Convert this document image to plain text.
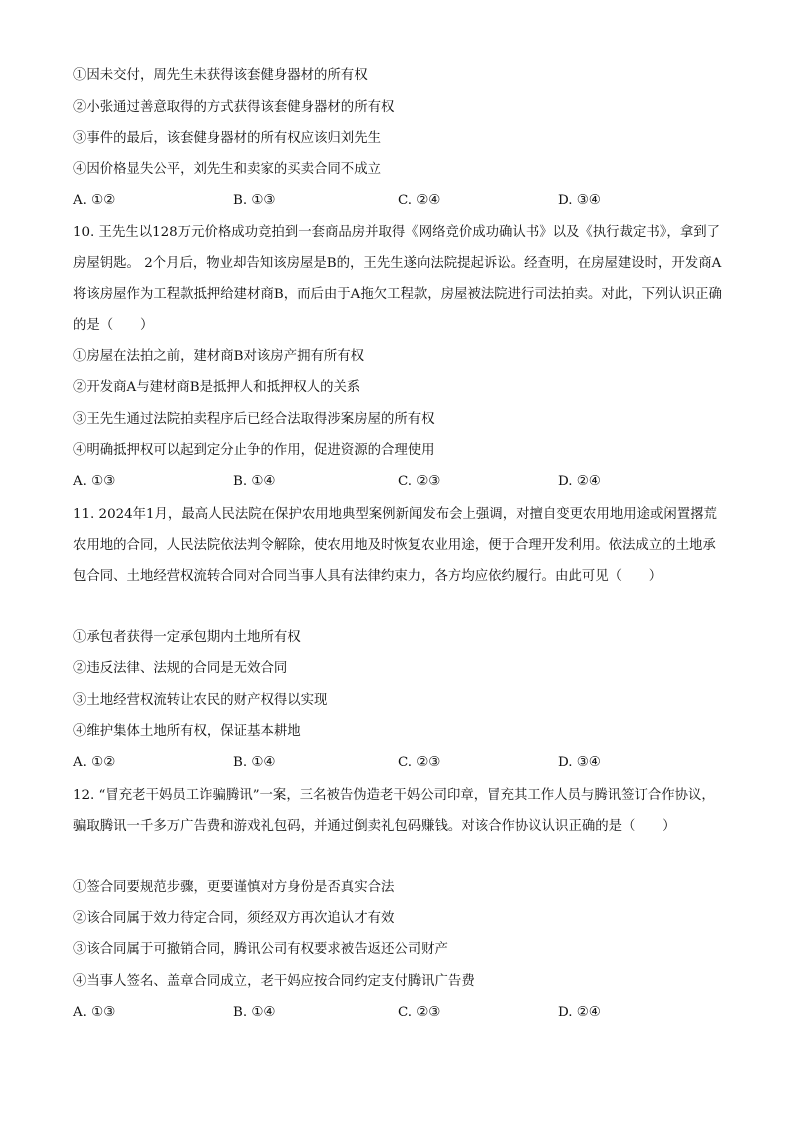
①因未交付，周先生未获得该套健身器材的所有权
②小张通过善意取得的方式获得该套健身器材的所有权
③事件的最后，该套健身器材的所有权应该归刘先生
④因价格显失公平，刘先生和卖家的买卖合同不成立
A. ①②	B. ①③	C. ②④	D. ③④
10. 王先生以128万元价格成功竞拍到一套商品房并取得《网络竞价成功确认书》以及《执行裁定书》，拿到了房屋钥匙。 2个月后，物业却告知该房屋是B的，王先生遂向法院提起诉讼。经查明，在房屋建设时，开发商A将该房屋作为工程款抵押给建材商B，而后由于A拖欠工程款，房屋被法院进行司法拍卖。对此，下列认识正确的是（　　）
①房屋在法拍之前，建材商B对该房产拥有所有权
②开发商A与建材商B是抵押人和抵押权人的关系
③王先生通过法院拍卖程序后已经合法取得涉案房屋的所有权
④明确抵押权可以起到定分止争的作用，促进资源的合理使用
A. ①③	B. ①④	C. ②③	D. ②④
11. 2024年1月，最高人民法院在保护农用地典型案例新闻发布会上强调，对擅自变更农用地用途或闲置撂荒农用地的合同，人民法院依法判令解除，使农用地及时恢复农业用途，便于合理开发利用。依法成立的土地承包合同、土地经营权流转合同对合同当事人具有法律约束力，各方均应依约履行。由此可见（　　）
①承包者获得一定承包期内土地所有权
②违反法律、法规的合同是无效合同
③土地经营权流转让农民的财产权得以实现
④维护集体土地所有权，保证基本耕地
A. ①②	B. ①④	C. ②③	D. ③④
12. “冒充老干妈员工诈骗腾讯”一案，三名被告伪造老干妈公司印章，冒充其工作人员与腾讯签订合作协议，骗取腾讯一千多万广告费和游戏礼包码，并通过倒卖礼包码赚钱。对该合作协议认识正确的是（　　）
①签合同要规范步骤，更要谨慎对方身份是否真实合法
②该合同属于效力待定合同，须经双方再次追认才有效
③该合同属于可撤销合同，腾讯公司有权要求被告返还公司财产
④当事人签名、盖章合同成立，老干妈应按合同约定支付腾讯广告费
A. ①③	B. ①④	C. ②③	D. ②④
